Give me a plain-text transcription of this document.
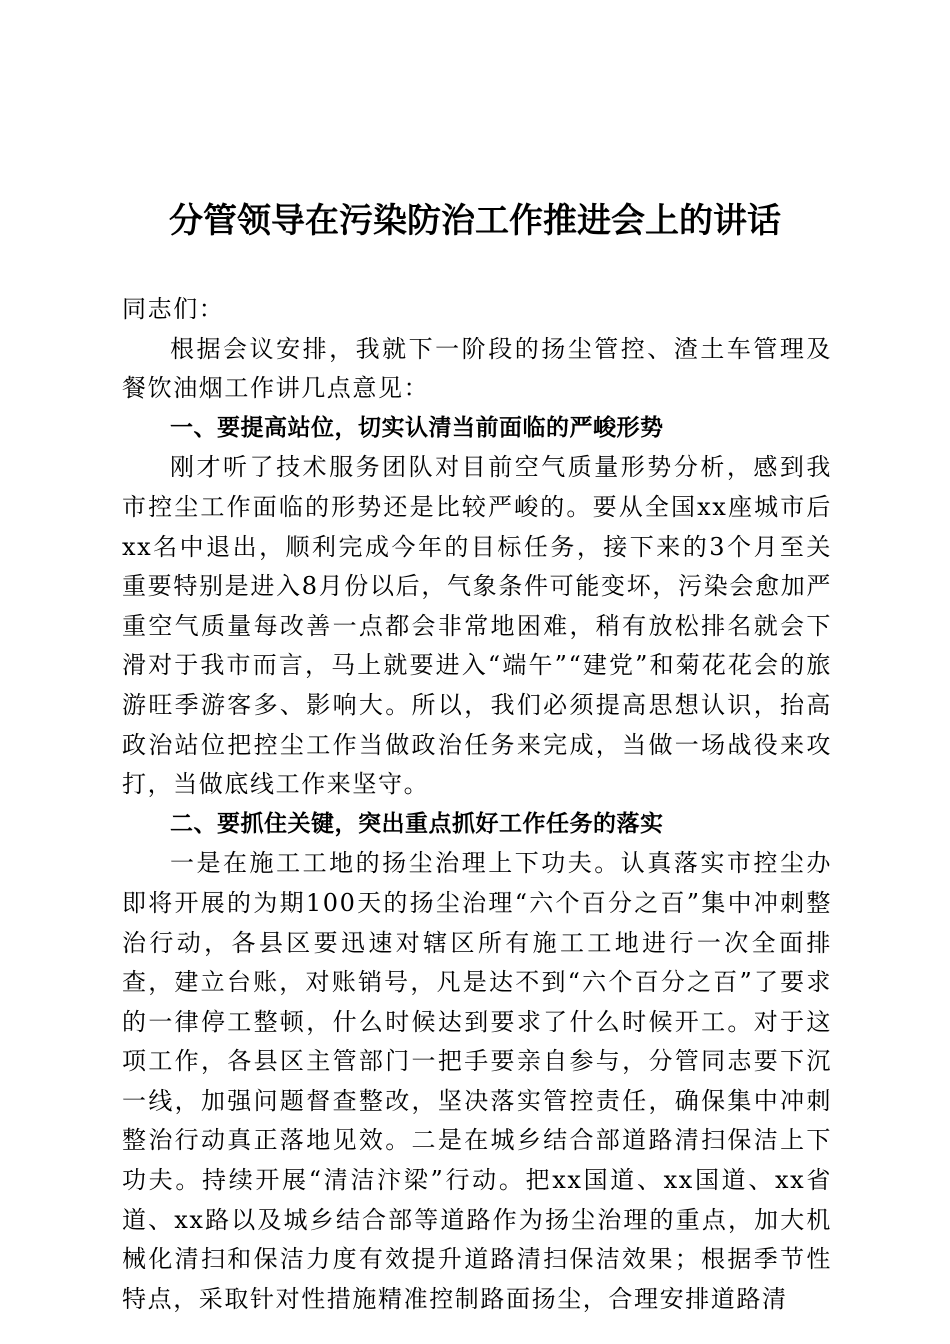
分管领导在污染防治工作推进会上的讲话

同志们：

根据会议安排，我就下一阶段的扬尘管控、渣土车管理及餐饮油烟工作讲几点意见：

一、要提高站位，切实认清当前面临的严峻形势

刚才听了技术服务团队对目前空气质量形势分析，感到我市控尘工作面临的形势还是比较严峻的。要从全国xx座城市后xx名中退出，顺利完成今年的目标任务，接下来的3个月至关重要特别是进入8月份以后，气象条件可能变坏，污染会愈加严重空气质量每改善一点都会非常地困难，稍有放松排名就会下滑对于我市而言，马上就要进入“端午”“建党”和菊花花会的旅游旺季游客多、影响大。所以，我们必须提高思想认识，抬高政治站位把控尘工作当做政治任务来完成，当做一场战役来攻打，当做底线工作来坚守。

二、要抓住关键，突出重点抓好工作任务的落实

一是在施工工地的扬尘治理上下功夫。认真落实市控尘办即将开展的为期100天的扬尘治理“六个百分之百”集中冲刺整治行动，各县区要迅速对辖区所有施工工地进行一次全面排查，建立台账，对账销号，凡是达不到“六个百分之百”了要求的一律停工整顿，什么时候达到要求了什么时候开工。对于这项工作，各县区主管部门一把手要亲自参与，分管同志要下沉一线，加强问题督查整改，坚决落实管控责任，确保集中冲刺整治行动真正落地见效。二是在城乡结合部道路清扫保洁上下功夫。持续开展“清洁汴梁”行动。把xx国道、xx国道、xx省道、xx路以及城乡结合部等道路作为扬尘治理的重点，加大机械化清扫和保洁力度有效提升道路清扫保洁效果；根据季节性特点，采取针对性措施精准控制路面扬尘，合理安排道路清
